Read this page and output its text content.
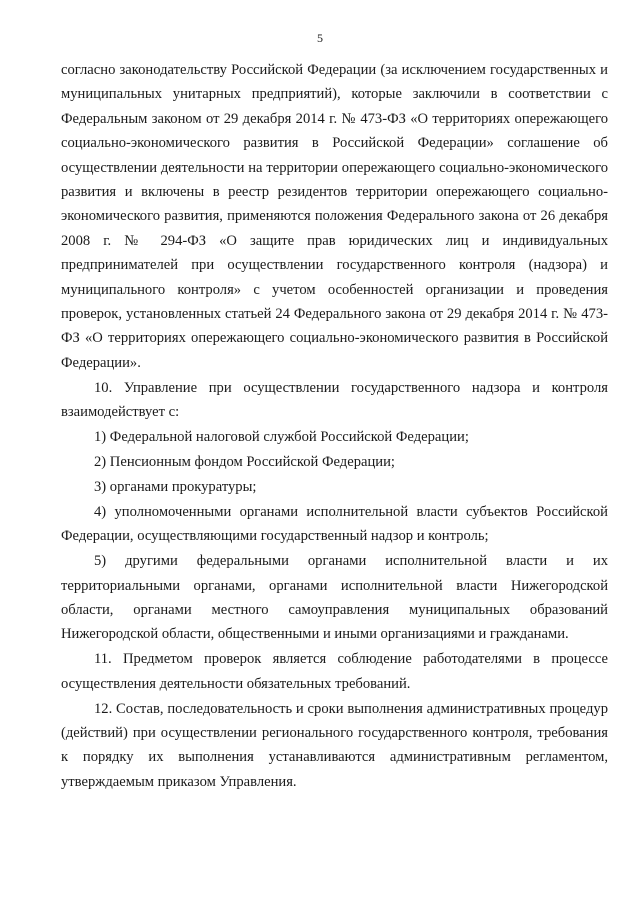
5

согласно законодательству Российской Федерации (за исключением государственных и муниципальных унитарных предприятий), которые заключили в соответствии с Федеральным законом от 29 декабря 2014 г. № 473-ФЗ «О территориях опережающего социально-экономического развития в Российской Федерации» соглашение об осуществлении деятельности на территории опережающего социально-экономического развития и включены в реестр резидентов территории опережающего социально-экономического развития, применяются положения Федерального закона от 26 декабря 2008 г. № 294-ФЗ «О защите прав юридических лиц и индивидуальных предпринимателей при осуществлении государственного контроля (надзора) и муниципального контроля» с учетом особенностей организации и проведения проверок, установленных статьей 24 Федерального закона от 29 декабря 2014 г. № 473-ФЗ «О территориях опережающего социально-экономического развития в Российской Федерации».

10. Управление при осуществлении государственного надзора и контроля взаимодействует с:

1) Федеральной налоговой службой Российской Федерации;

2) Пенсионным фондом Российской Федерации;

3) органами прокуратуры;

4) уполномоченными органами исполнительной власти субъектов Российской Федерации, осуществляющими государственный надзор и контроль;

5) другими федеральными органами исполнительной власти и их территориальными органами, органами исполнительной власти Нижегородской области, органами местного самоуправления муниципальных образований Нижегородской области, общественными и иными организациями и гражданами.

11. Предметом проверок является соблюдение работодателями в процессе осуществления деятельности обязательных требований.

12. Состав, последовательность и сроки выполнения административных процедур (действий) при осуществлении регионального государственного контроля, требования к порядку их выполнения устанавливаются административным регламентом, утверждаемым приказом Управления.
